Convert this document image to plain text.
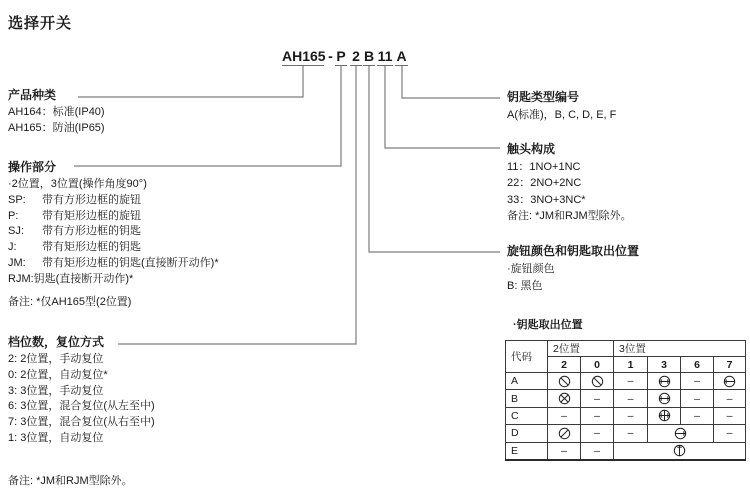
选择开关
AH165 - P 2 B 11 A
产品种类
AH164：标准(IP40)
AH165：防油(IP65)
操作部分
·2位置，3位置(操作角度90°)
SP:	带有方形边框的旋钮
P:	带有矩形边框的旋钮
SJ:	带有方形边框的钥匙
J:	带有矩形边框的钥匙
JM:	带有矩形边框的钥匙(直接断开动作)*
RJM: 钥匙(直接断开动作)*
备注: *仅AH165型(2位置)
档位数，复位方式
2: 2位置，手动复位
0: 2位置，自动复位*
3: 3位置，手动复位
6: 3位置，混合复位(从左至中)
7: 3位置，混合复位(从右至中)
1: 3位置，自动复位
备注: *JM和RJM型除外。
钥匙类型编号
A(标准)，B, C, D, E, F
触头构成
11：1NO+1NC
22：2NO+2NC
33：3NO+3NC*
备注: *JM和RJM型除外。
旋钮颜色和钥匙取出位置
·旋钮颜色
B: 黑色
·钥匙取出位置
代码	2位置		3位置			
	2	0	1	3	6	7
A			–		–	
B		–	–		–	–
C	–	–	–		–	–
D		–	–			–
E	–	–	
